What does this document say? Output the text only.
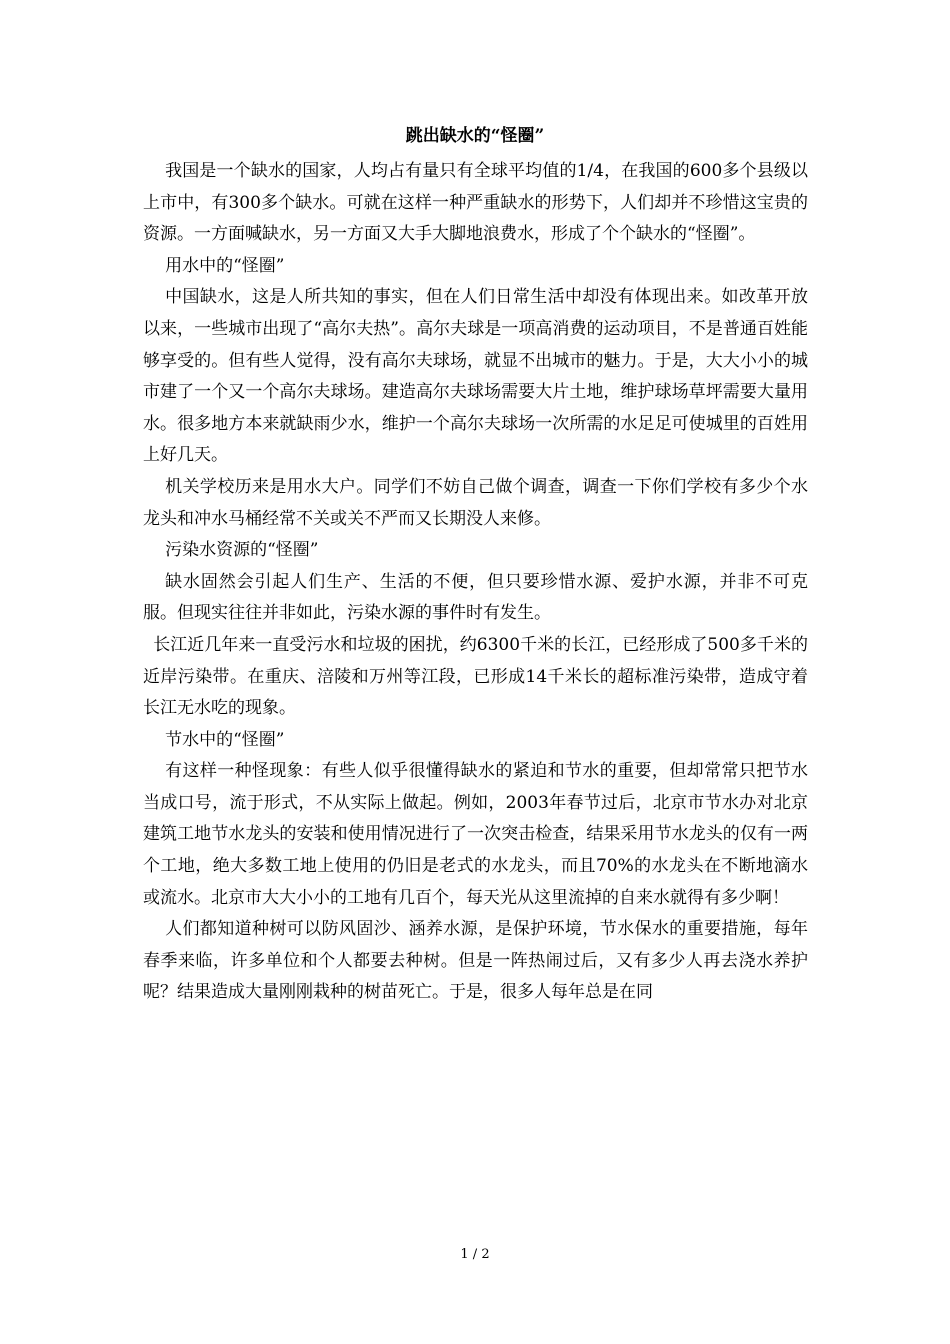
跳出缺水的“怪圈”

我国是一个缺水的国家，人均占有量只有全球平均值的1/4，在我国的600多个县级以上市中，有300多个缺水。可就在这样一种严重缺水的形势下，人们却并不珍惜这宝贵的资源。一方面喊缺水，另一方面又大手大脚地浪费水，形成了个个缺水的“怪圈”。

用水中的“怪圈”

中国缺水，这是人所共知的事实，但在人们日常生活中却没有体现出来。如改革开放以来，一些城市出现了“高尔夫热”。高尔夫球是一项高消费的运动项目，不是普通百姓能够享受的。但有些人觉得，没有高尔夫球场，就显不出城市的魅力。于是，大大小小的城市建了一个又一个高尔夫球场。建造高尔夫球场需要大片土地，维护球场草坪需要大量用水。很多地方本来就缺雨少水，维护一个高尔夫球场一次所需的水足足可使城里的百姓用上好几天。

机关学校历来是用水大户。同学们不妨自己做个调查，调查一下你们学校有多少个水龙头和冲水马桶经常不关或关不严而又长期没人来修。

污染水资源的“怪圈”

缺水固然会引起人们生产、生活的不便，但只要珍惜水源、爱护水源，并非不可克服。但现实往往并非如此，污染水源的事件时有发生。

长江近几年来一直受污水和垃圾的困扰，约6300千米的长江，已经形成了500多千米的近岸污染带。在重庆、涪陵和万州等江段，已形成14千米长的超标准污染带，造成守着长江无水吃的现象。

节水中的“怪圈”

有这样一种怪现象：有些人似乎很懂得缺水的紧迫和节水的重要，但却常常只把节水当成口号，流于形式，不从实际上做起。例如，2003年春节过后，北京市节水办对北京建筑工地节水龙头的安装和使用情况进行了一次突击检查，结果采用节水龙头的仅有一两个工地，绝大多数工地上使用的仍旧是老式的水龙头，而且70%的水龙头在不断地滴水或流水。北京市大大小小的工地有几百个，每天光从这里流掉的自来水就得有多少啊！

人们都知道种树可以防风固沙、涵养水源，是保护环境，节水保水的重要措施，每年春季来临，许多单位和个人都要去种树。但是一阵热闹过后，又有多少人再去浇水养护呢？结果造成大量刚刚栽种的树苗死亡。于是，很多人每年总是在同

1 / 2
